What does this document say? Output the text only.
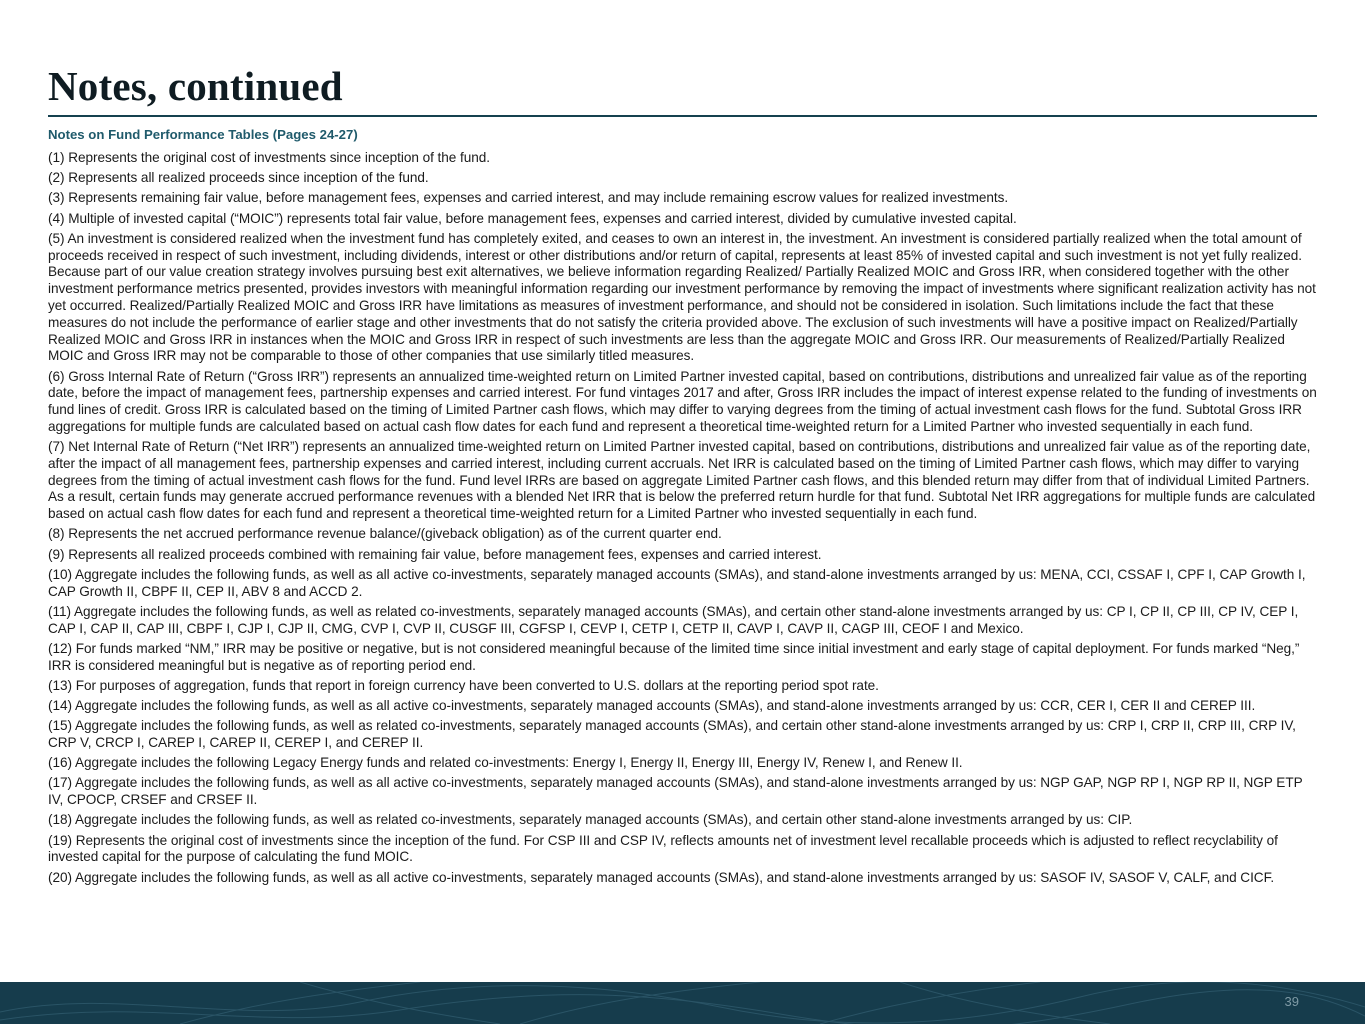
Notes, continued
Notes on Fund Performance Tables (Pages 24-27)
(1) Represents the original cost of investments since inception of the fund.
(2) Represents all realized proceeds since inception of the fund.
(3) Represents remaining fair value, before management fees, expenses and carried interest, and may include remaining escrow values for realized investments.
(4) Multiple of invested capital (“MOIC”) represents total fair value, before management fees, expenses and carried interest, divided by cumulative invested capital.
(5) An investment is considered realized when the investment fund has completely exited, and ceases to own an interest in, the investment. An investment is considered partially realized when the total amount of proceeds received in respect of such investment, including dividends, interest or other distributions and/or return of capital, represents at least 85% of invested capital and such investment is not yet fully realized. Because part of our value creation strategy involves pursuing best exit alternatives, we believe information regarding Realized/ Partially Realized MOIC and Gross IRR, when considered together with the other investment performance metrics presented, provides investors with meaningful information regarding our investment performance by removing the impact of investments where significant realization activity has not yet occurred. Realized/Partially Realized MOIC and Gross IRR have limitations as measures of investment performance, and should not be considered in isolation. Such limitations include the fact that these measures do not include the performance of earlier stage and other investments that do not satisfy the criteria provided above. The exclusion of such investments will have a positive impact on Realized/Partially Realized MOIC and Gross IRR in instances when the MOIC and Gross IRR in respect of such investments are less than the aggregate MOIC and Gross IRR. Our measurements of Realized/Partially Realized MOIC and Gross IRR may not be comparable to those of other companies that use similarly titled measures.
(6) Gross Internal Rate of Return (“Gross IRR”) represents an annualized time-weighted return on Limited Partner invested capital, based on contributions, distributions and unrealized fair value as of the reporting date, before the impact of management fees, partnership expenses and carried interest. For fund vintages 2017 and after, Gross IRR includes the impact of interest expense related to the funding of investments on fund lines of credit. Gross IRR is calculated based on the timing of Limited Partner cash flows, which may differ to varying degrees from the timing of actual investment cash flows for the fund. Subtotal Gross IRR aggregations for multiple funds are calculated based on actual cash flow dates for each fund and represent a theoretical time-weighted return for a Limited Partner who invested sequentially in each fund.
(7) Net Internal Rate of Return (“Net IRR”) represents an annualized time-weighted return on Limited Partner invested capital, based on contributions, distributions and unrealized fair value as of the reporting date, after the impact of all management fees, partnership expenses and carried interest, including current accruals. Net IRR is calculated based on the timing of Limited Partner cash flows, which may differ to varying degrees from the timing of actual investment cash flows for the fund. Fund level IRRs are based on aggregate Limited Partner cash flows, and this blended return may differ from that of individual Limited Partners. As a result, certain funds may generate accrued performance revenues with a blended Net IRR that is below the preferred return hurdle for that fund. Subtotal Net IRR aggregations for multiple funds are calculated based on actual cash flow dates for each fund and represent a theoretical time-weighted return for a Limited Partner who invested sequentially in each fund.
(8) Represents the net accrued performance revenue balance/(giveback obligation) as of the current quarter end.
(9) Represents all realized proceeds combined with remaining fair value, before management fees, expenses and carried interest.
(10) Aggregate includes the following funds, as well as all active co-investments, separately managed accounts (SMAs), and stand-alone investments arranged by us: MENA, CCI, CSSAF I, CPF I, CAP Growth I, CAP Growth II, CBPF II, CEP II, ABV 8 and ACCD 2.
(11) Aggregate includes the following funds, as well as related co-investments, separately managed accounts (SMAs), and certain other stand-alone investments arranged by us: CP I, CP II, CP III, CP IV, CEP I, CAP I, CAP II, CAP III, CBPF I, CJP I, CJP II, CMG, CVP I, CVP II, CUSGF III, CGFSP I, CEVP I, CETP I, CETP II, CAVP I, CAVP II, CAGP III, CEOF I and Mexico.
(12) For funds marked “NM,” IRR may be positive or negative, but is not considered meaningful because of the limited time since initial investment and early stage of capital deployment. For funds marked “Neg,” IRR is considered meaningful but is negative as of reporting period end.
(13) For purposes of aggregation, funds that report in foreign currency have been converted to U.S. dollars at the reporting period spot rate.
(14) Aggregate includes the following funds, as well as all active co-investments, separately managed accounts (SMAs), and stand-alone investments arranged by us: CCR, CER I, CER II and CEREP III.
(15) Aggregate includes the following funds, as well as related co-investments, separately managed accounts (SMAs), and certain other stand-alone investments arranged by us: CRP I, CRP II, CRP III, CRP IV, CRP V, CRCP I, CAREP I, CAREP II, CEREP I, and CEREP II.
(16) Aggregate includes the following Legacy Energy funds and related co-investments: Energy I, Energy II, Energy III, Energy IV, Renew I, and Renew II.
(17) Aggregate includes the following funds, as well as all active co-investments, separately managed accounts (SMAs), and stand-alone investments arranged by us: NGP GAP, NGP RP I, NGP RP II, NGP ETP IV, CPOCP, CRSEF and CRSEF II.
(18) Aggregate includes the following funds, as well as related co-investments, separately managed accounts (SMAs), and certain other stand-alone investments arranged by us: CIP.
(19) Represents the original cost of investments since the inception of the fund. For CSP III and CSP IV, reflects amounts net of investment level recallable proceeds which is adjusted to reflect recyclability of invested capital for the purpose of calculating the fund MOIC.
(20) Aggregate includes the following funds, as well as all active co-investments, separately managed accounts (SMAs), and stand-alone investments arranged by us: SASOF IV, SASOF V, CALF, and CICF.
39
